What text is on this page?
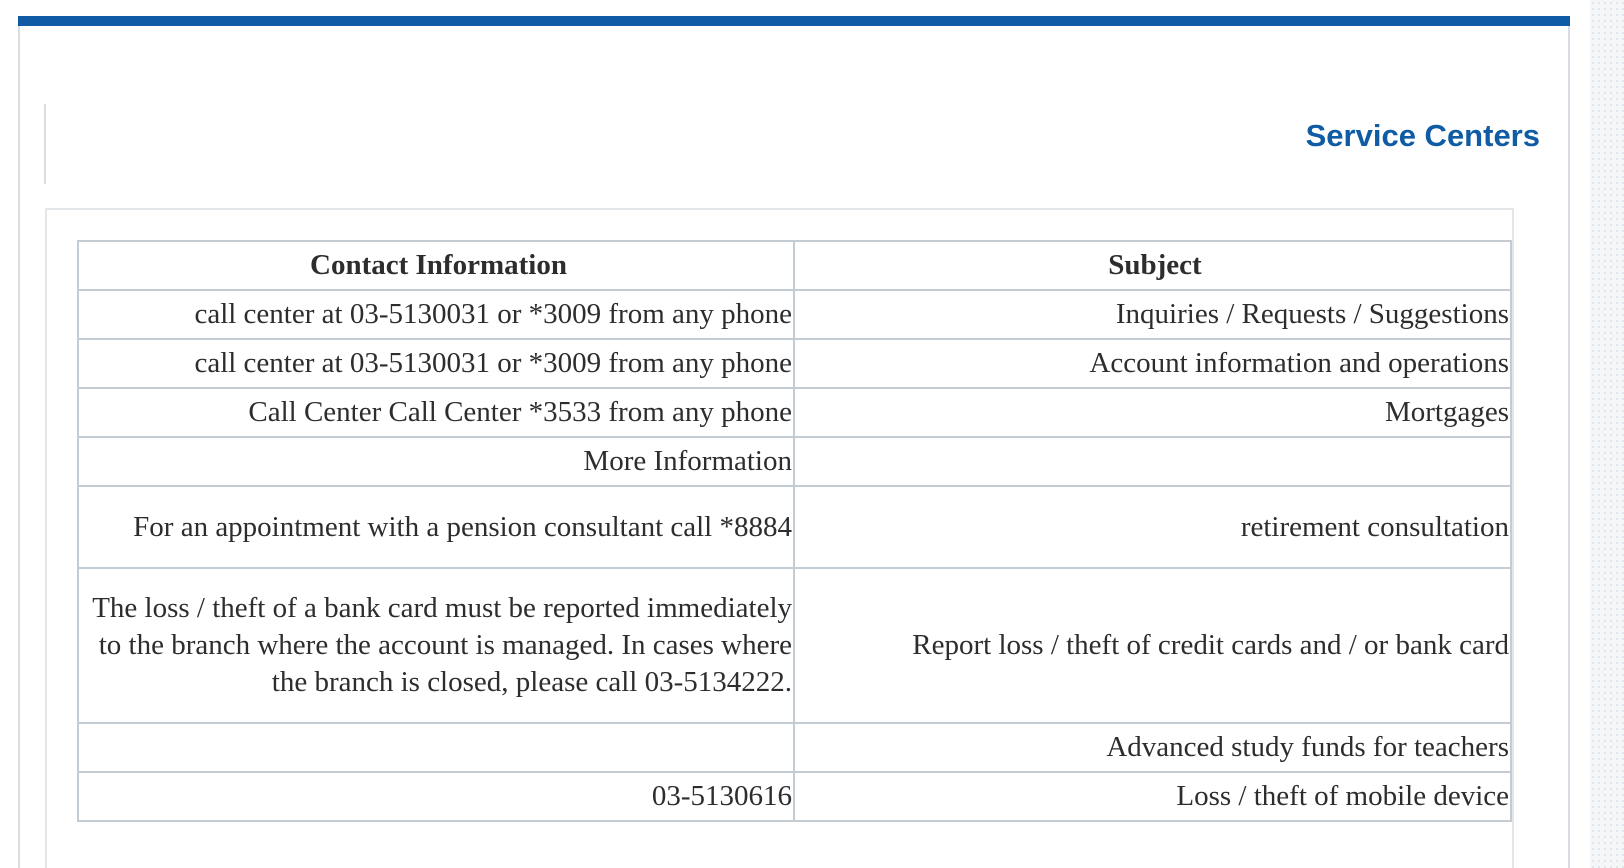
Service Centers
Contact Information	Subject
call center at 03-5130031 or *3009 from any phone	Inquiries / Requests / Suggestions
call center at 03-5130031 or *3009 from any phone	Account information and operations
Call Center Call Center *3533 from any phone	Mortgages
More Information	
For an appointment with a pension consultant call *8884	retirement consultation
The loss / theft of a bank card must be reported immediately to the branch where the account is managed. In cases where the branch is closed, please call 03-5134222.	Report loss / theft of credit cards and / or bank card
	Advanced study funds for teachers
03-5130616	Loss / theft of mobile device
